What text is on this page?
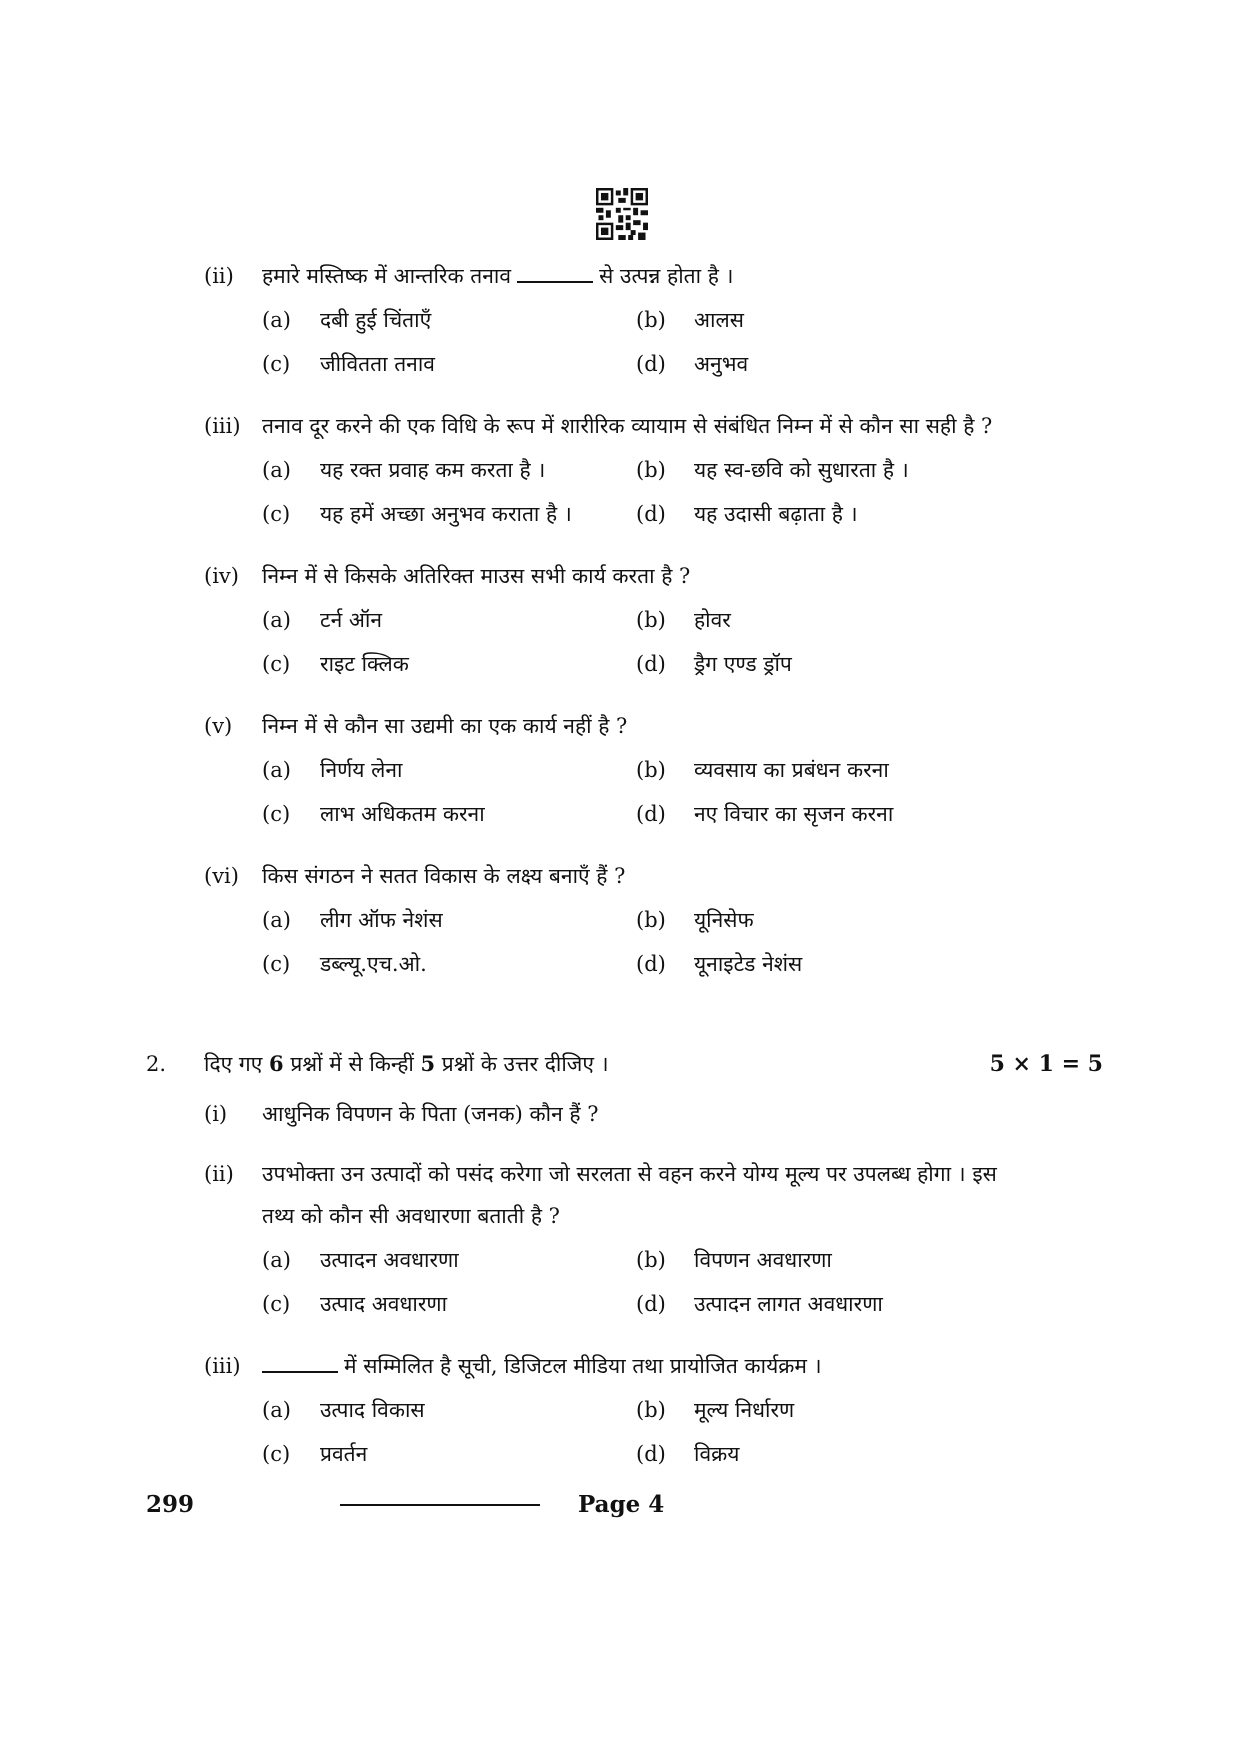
(ii) हमारे मस्तिष्क में आन्तरिक तनाव	से उत्पन्न होता है ।
(a) दबी हुई चिंताएँ	(b) आलस
(c) जीवितता तनाव	(d) अनुभव
(iii) तनाव दूर करने की एक विधि के रूप में शारीरिक व्यायाम से संबंधित निम्न में से कौन सा सही है ?
(a) यह रक्त प्रवाह कम करता है ।	(b) यह स्व-छवि को सुधारता है ।
(c) यह हमें अच्छा अनुभव कराता है ।	(d) यह उदासी बढ़ाता है ।
(iv) निम्न में से किसके अतिरिक्त माउस सभी कार्य करता है ?
(a) टर्न ऑन	(b) होवर
(c) राइट क्लिक	(d) ड्रैग एण्ड ड्रॉप
(v) निम्न में से कौन सा उद्यमी का एक कार्य नहीं है ?
(a) निर्णय लेना	(b) व्यवसाय का प्रबंधन करना
(c) लाभ अधिकतम करना	(d) नए विचार का सृजन करना
(vi) किस संगठन ने सतत विकास के लक्ष्य बनाएँ हैं ?
(a) लीग ऑफ नेशंस	(b) यूनिसेफ
(c) डब्ल्यू.एच.ओ.	(d) यूनाइटेड नेशंस
2. दिए गए 6 प्रश्नों में से किन्हीं 5 प्रश्नों के उत्तर दीजिए ।	5 × 1 = 5
(i) आधुनिक विपणन के पिता (जनक) कौन हैं ?
(ii) उपभोक्ता उन उत्पादों को पसंद करेगा जो सरलता से वहन करने योग्य मूल्य पर उपलब्ध होगा । इस
तथ्य को कौन सी अवधारणा बताती है ?
(a) उत्पादन अवधारणा	(b) विपणन अवधारणा
(c) उत्पाद अवधारणा	(d) उत्पादन लागत अवधारणा
(iii)	में सम्मिलित है सूची, डिजिटल मीडिया तथा प्रायोजित कार्यक्रम ।
(a) उत्पाद विकास	(b) मूल्य निर्धारण
(c) प्रवर्तन	(d) विक्रय
299	Page 4
